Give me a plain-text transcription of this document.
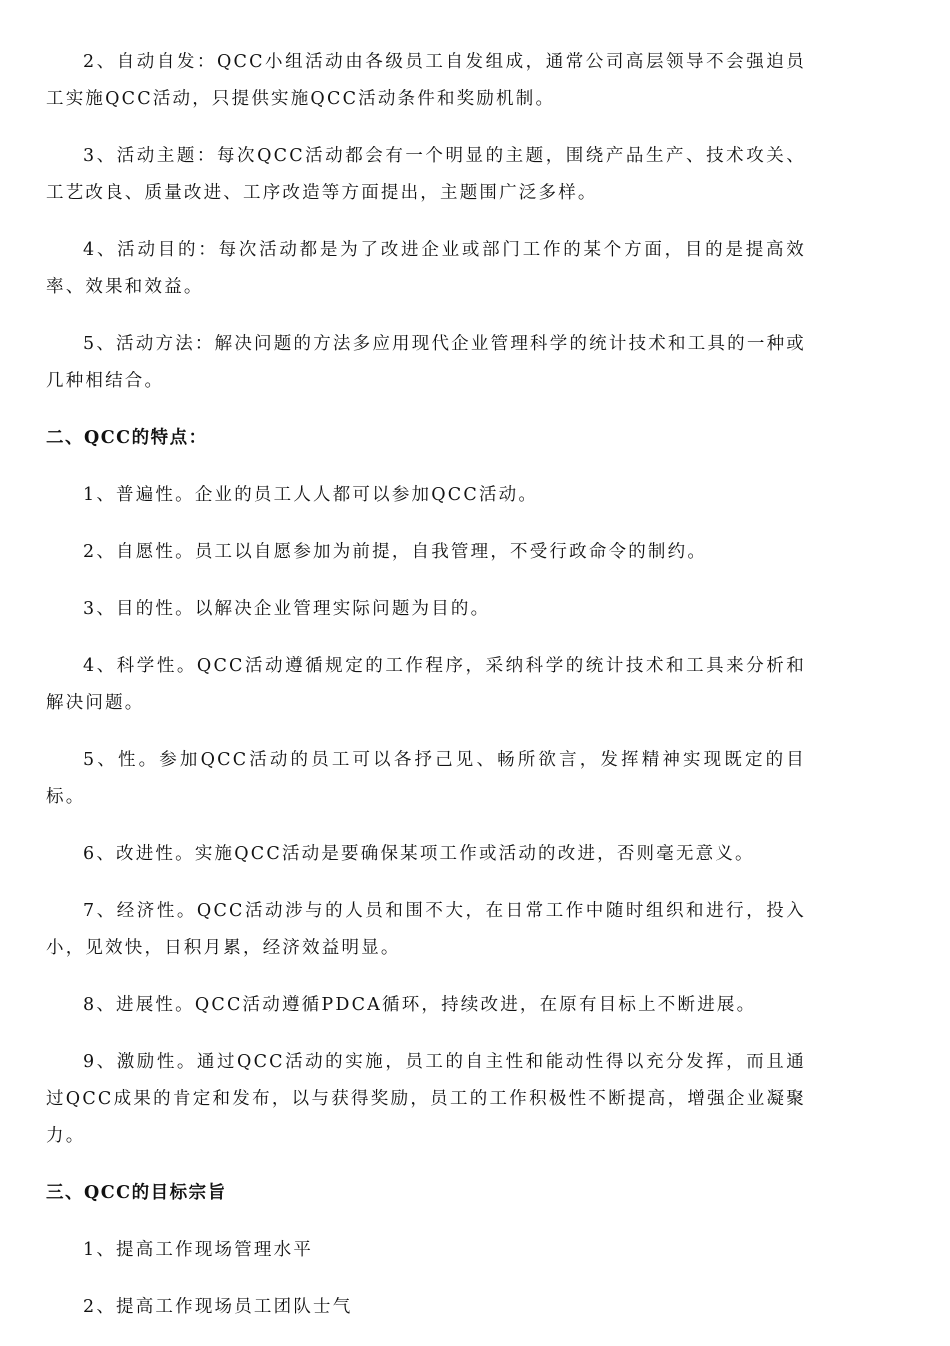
2、自动自发：QCC小组活动由各级员工自发组成，通常公司高层领导不会强迫员工实施QCC活动，只提供实施QCC活动条件和奖励机制。

3、活动主题：每次QCC活动都会有一个明显的主题，围绕产品生产、技术攻关、工艺改良、质量改进、工序改造等方面提出，主题围广泛多样。

4、活动目的：每次活动都是为了改进企业或部门工作的某个方面，目的是提高效率、效果和效益。

5、活动方法：解决问题的方法多应用现代企业管理科学的统计技术和工具的一种或几种相结合。

二、QCC的特点：

1、普遍性。企业的员工人人都可以参加QCC活动。

2、自愿性。员工以自愿参加为前提，自我管理，不受行政命令的制约。

3、目的性。以解决企业管理实际问题为目的。

4、科学性。QCC活动遵循规定的工作程序，采纳科学的统计技术和工具来分析和解决问题。

5、性。参加QCC活动的员工可以各抒己见、畅所欲言，发挥精神实现既定的目标。

6、改进性。实施QCC活动是要确保某项工作或活动的改进，否则毫无意义。

7、经济性。QCC活动涉与的人员和围不大，在日常工作中随时组织和进行，投入小，见效快，日积月累，经济效益明显。

8、进展性。QCC活动遵循PDCA循环，持续改进，在原有目标上不断进展。

9、激励性。通过QCC活动的实施，员工的自主性和能动性得以充分发挥，而且通过QCC成果的肯定和发布，以与获得奖励，员工的工作积极性不断提高，增强企业凝聚力。

三、QCC的目标宗旨

1、提高工作现场管理水平

2、提高工作现场员工团队士气
